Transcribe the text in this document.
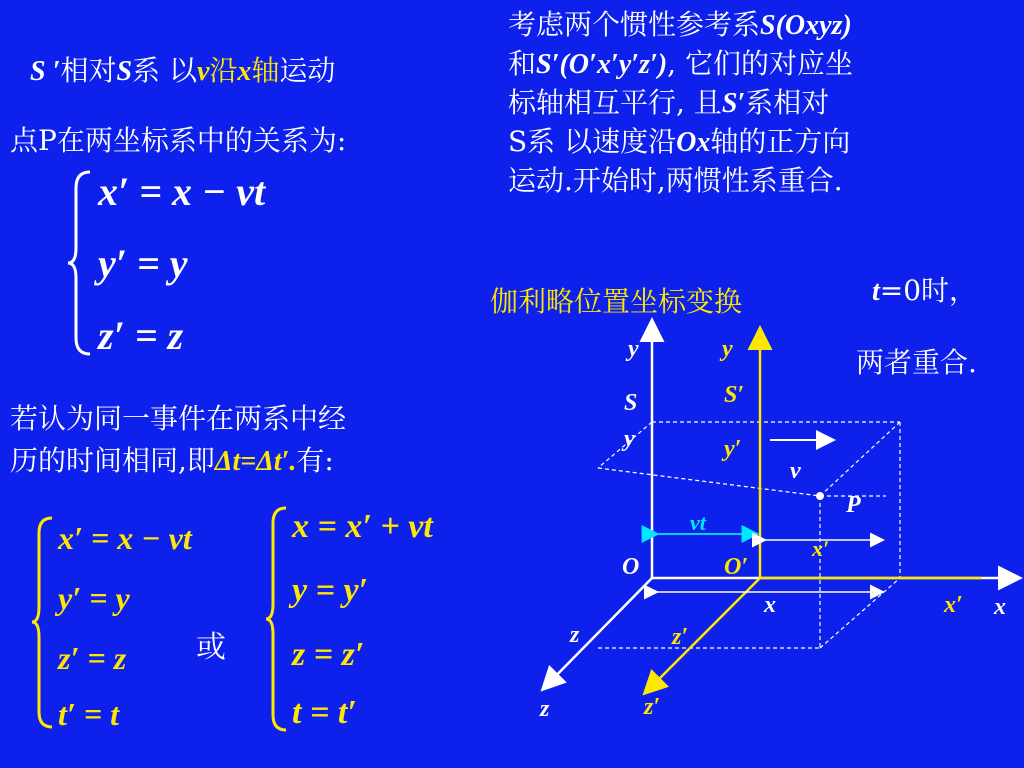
S ′相对S系 以v沿x轴运动
点P在两坐标系中的关系为:
x′ = x − vt
y′ = y
z′ = z
考虑两个惯性参考系S(Oxyz)
和S′(O′x′y′z′), 它们的对应坐
标轴相互平行, 且S′系相对
S系 以速度沿Ox轴的正方向
运动.开始时,两惯性系重合.
伽利略位置坐标变换	t=0时，
两者重合.
若认为同一事件在两系中经
历的时间相同,即Δt=Δt′.有:
x′ = x − vt
y′ = y
z′ = z
t′ = t
或
x = x′ + vt
y = y′
z = z′
t = t′
y	y
S	S′
y	y′
v
P
vt
x′
O	O′
x	x′ x
z	z′
z	z′
